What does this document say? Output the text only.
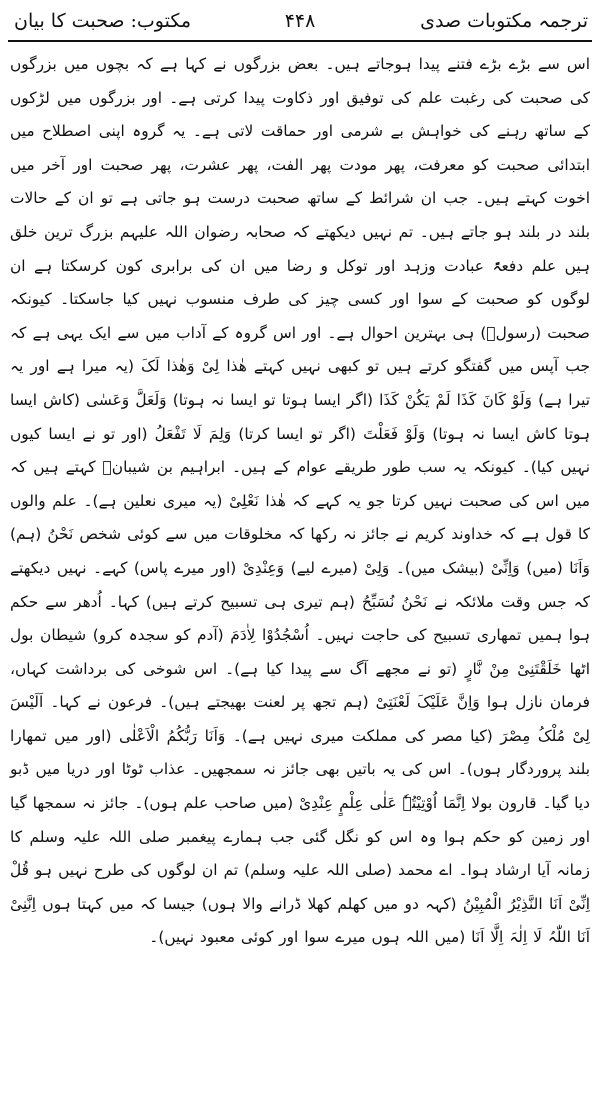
ترجمہ مکتوبات صدی
۴۴۸
مکتوب: صحبت کا بیان

اس سے بڑے بڑے فتنے پیدا ہوجاتے ہیں۔ بعض بزرگوں نے کہا ہے کہ بچوں میں بزرگوں کی صحبت کی رغبت علم کی توفیق اور ذکاوت پیدا کرتی ہے۔ اور بزرگوں میں لڑکوں کے ساتھ رہنے کی خواہش بے شرمی اور حماقت لاتی ہے۔ یہ گروہ اپنی اصطلاح میں ابتدائی صحبت کو معرفت، پھر مودت پھر الفت، پھر عشرت، پھر صحبت اور آخر میں اخوت کہتے ہیں۔ جب ان شرائط کے ساتھ صحبت درست ہو جاتی ہے تو ان کے حالات بلند در بلند ہو جاتے ہیں۔ تم نہیں دیکھتے کہ صحابہ رضوان اللہ علیہم بزرگ ترین خلق ہیں علم دفعۃً عبادت وزہد اور توکل و رضا میں ان کی برابری کون کرسکتا ہے ان لوگوں کو صحبت کے سوا اور کسی چیز کی طرف منسوب نہیں کیا جاسکتا۔ کیونکہ صحبت (رسولؐ) ہی بہترین احوال ہے۔ اور اس گروہ کے آداب میں سے ایک یہی ہے کہ جب آپس میں گفتگو کرتے ہیں تو کبھی نہیں کہتے ھٰذا لِیْ وَھٰذا لَکَ (یہ میرا ہے اور یہ تیرا ہے) وَلَوْ کَانَ کَذَا لَمْ یَکُنْ کَذَا (اگر ایسا ہوتا تو ایسا نہ ہوتا) وَلَعَلَّ وَعَسٰی (کاش ایسا ہوتا کاش ایسا نہ ہوتا) وَلَوْ فَعَلْتَ (اگر تو ایسا کرتا) وَلِمَ لَا تَفْعَلُ (اور تو نے ایسا کیوں نہیں کیا)۔ کیونکہ یہ سب طور طریقے عوام کے ہیں۔ ابراہیم بن شیبانؒ کہتے ہیں کہ میں اس کی صحبت نہیں کرتا جو یہ کہے کہ ھٰذا نَعْلِیْ (یہ میری نعلین ہے)۔ علم والوں کا قول ہے کہ خداوند کریم نے جائز نہ رکھا کہ مخلوقات میں سے کوئی شخص نَحْنُ (ہم) وَاَنَا (میں) وَاِنِّیْ (بیشک میں)۔ وَلِیْ (میرے لیے) وَعِنْدِیْ (اور میرے پاس) کہے۔ نہیں دیکھتے کہ جس وقت ملائکہ نے نَحْنُ نُسَبِّحُ (ہم تیری ہی تسبیح کرتے ہیں) کہا۔ اُدھر سے حکم ہوا ہمیں تمھاری تسبیح کی حاجت نہیں۔ اُسْجُدُوْا لِاٰدَمَ (آدم کو سجدہ کرو) شیطان بول اٹھا خَلَقْتَنِیْ مِنْ نَّارٍ (تو نے مجھے آگ سے پیدا کیا ہے)۔ اس شوخی کی برداشت کہاں، فرمان نازل ہوا وَاِنَّ عَلَیْکَ لَعْنَتِیْ (ہم تجھ پر لعنت بھیجتے ہیں)۔ فرعون نے کہا۔ اَلَیْسَ لِیْ مُلْکُ مِصْرَ (کیا مصر کی مملکت میری نہیں ہے)۔ وَاَنَا رَبُّکُمُ الْاَعْلٰی (اور میں تمھارا بلند پروردگار ہوں)۔ اس کی یہ باتیں بھی جائز نہ سمجھیں۔ عذاب ٹوٹا اور دریا میں ڈبو دیا گیا۔ قارون بولا اِنَّمَا اُوْتِیْتُہٗ عَلٰی عِلْمٍ عِنْدِیْ (میں صاحب علم ہوں)۔ جائز نہ سمجھا گیا اور زمین کو حکم ہوا وہ اس کو نگل گئی جب ہمارے پیغمبر صلی اللہ علیہ وسلم کا زمانہ آیا ارشاد ہوا۔ اے محمد (صلی اللہ علیہ وسلم) تم ان لوگوں کی طرح نہیں ہو قُلْ اِنِّیْ اَنَا النَّذِیْرُ الْمُبِیْنُ (کہہ دو میں کھلم کھلا ڈرانے والا ہوں) جیسا کہ میں کہتا ہوں اِنَّنِیْ اَنَا اللّٰہُ لَا اِلٰہَ اِلَّا اَنَا (میں اللہ ہوں میرے سوا اور کوئی معبود نہیں)۔
